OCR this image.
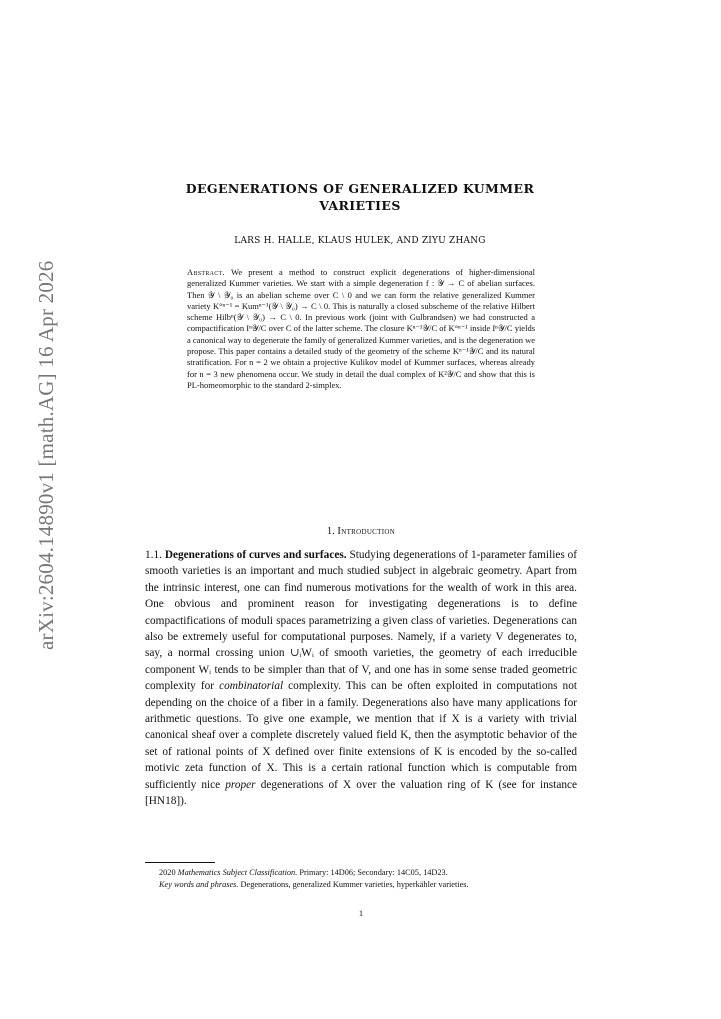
arXiv:2604.14890v1 [math.AG] 16 Apr 2026
DEGENERATIONS OF GENERALIZED KUMMER
VARIETIES
LARS H. HALLE, KLAUS HULEK, AND ZIYU ZHANG
Abstract. We present a method to construct explicit degenerations of higher-dimensional generalized Kummer varieties. We start with a simple degeneration f : 𝒴 → C of abelian surfaces. Then 𝒴 \ 𝒴₀ is an abelian scheme over C \ 0 and we can form the relative generalized Kummer variety K°ⁿ⁻¹ = Kumⁿ⁻¹(𝒴 \ 𝒴₀) → C \ 0. This is naturally a closed subscheme of the relative Hilbert scheme Hilbⁿ(𝒴 \ 𝒴₀) → C \ 0. In previous work (joint with Gulbrandsen) we had constructed a compactification Iⁿ𝒴/C over C of the latter scheme. The closure Kⁿ⁻¹𝒴/C of K°ⁿ⁻¹ inside Iⁿ𝒴/C yields a canonical way to degenerate the family of generalized Kummer varieties, and is the degeneration we propose. This paper contains a detailed study of the geometry of the scheme Kⁿ⁻¹𝒴/C and its natural stratification. For n = 2 we obtain a projective Kulikov model of Kummer surfaces, whereas already for n = 3 new phenomena occur. We study in detail the dual complex of K²𝒴/C and show that this is PL-homeomorphic to the standard 2-simplex.
1. Introduction
1.1. Degenerations of curves and surfaces. Studying degenerations of 1-parameter families of smooth varieties is an important and much studied subject in algebraic geometry. Apart from the intrinsic interest, one can find numerous motivations for the wealth of work in this area. One obvious and prominent reason for investigating degenerations is to define compactifications of moduli spaces parametrizing a given class of varieties. Degenerations can also be extremely useful for computational purposes. Namely, if a variety V degenerates to, say, a normal crossing union ∪ᵢWᵢ of smooth varieties, the geometry of each irreducible component Wᵢ tends to be simpler than that of V, and one has in some sense traded geometric complexity for combinatorial complexity. This can be often exploited in computations not depending on the choice of a fiber in a family. Degenerations also have many applications for arithmetic questions. To give one example, we mention that if X is a variety with trivial canonical sheaf over a complete discretely valued field K, then the asymptotic behavior of the set of rational points of X defined over finite extensions of K is encoded by the so-called motivic zeta function of X. This is a certain rational function which is computable from sufficiently nice proper degenerations of X over the valuation ring of K (see for instance [HN18]).
2020 Mathematics Subject Classification. Primary: 14D06; Secondary: 14C05, 14D23.
Key words and phrases. Degenerations, generalized Kummer varieties, hyperkähler varieties.
1
